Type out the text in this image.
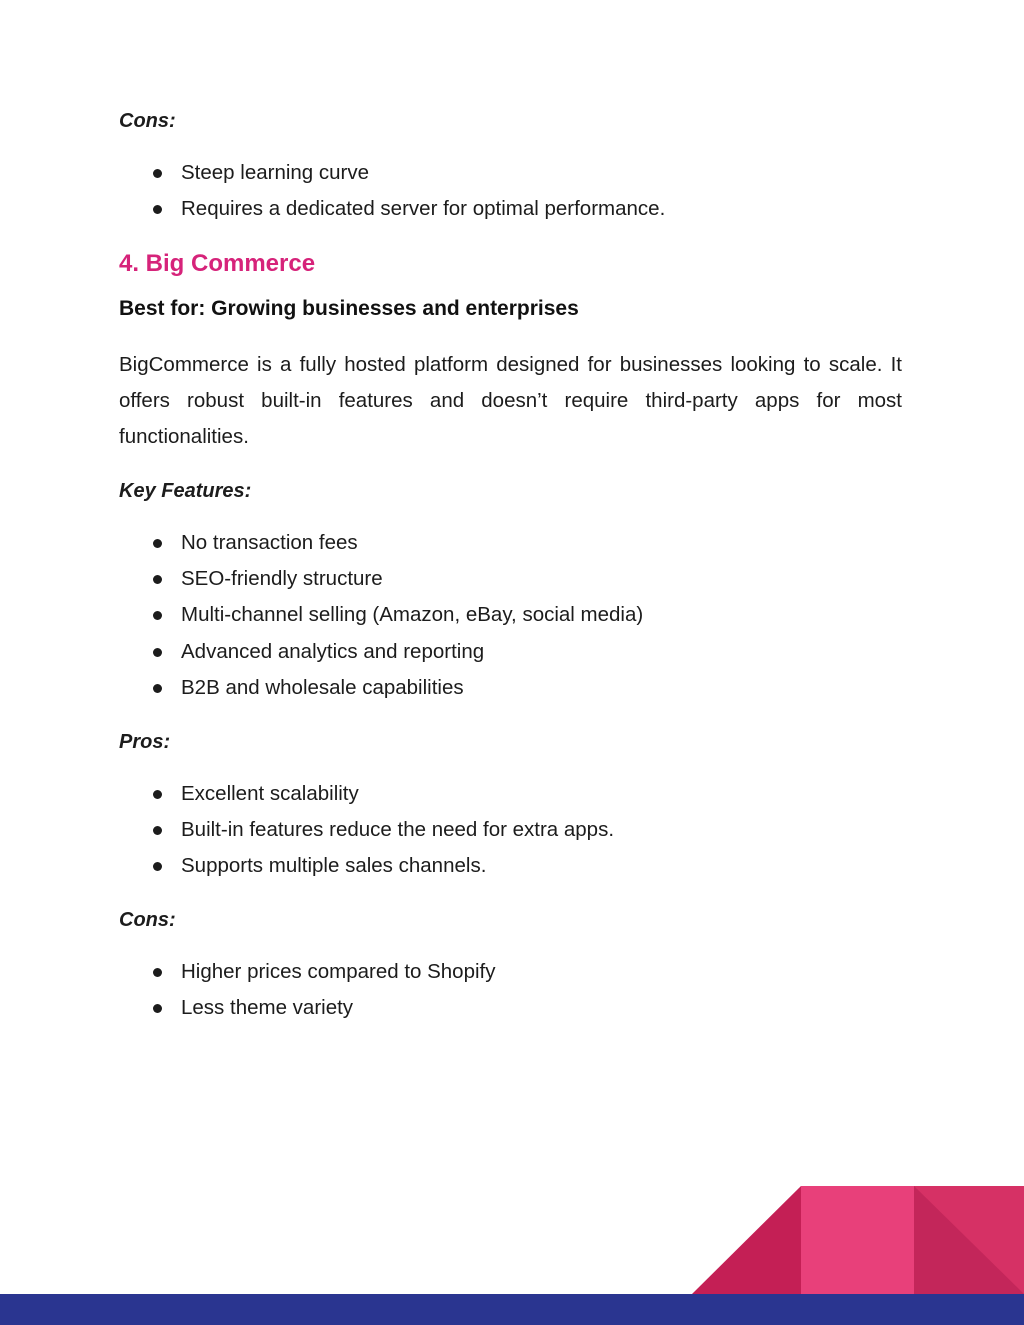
Cons:

Steep learning curve
Requires a dedicated server for optimal performance.
4. Big Commerce

Best for: Growing businesses and enterprises

BigCommerce is a fully hosted platform designed for businesses looking to scale. It offers robust built-in features and doesn’t require third-party apps for most functionalities.

Key Features:

No transaction fees
SEO-friendly structure
Multi-channel selling (Amazon, eBay, social media)
Advanced analytics and reporting
B2B and wholesale capabilities

Pros:

Excellent scalability
Built-in features reduce the need for extra apps.
Supports multiple sales channels.

Cons:

Higher prices compared to Shopify
Less theme variety
